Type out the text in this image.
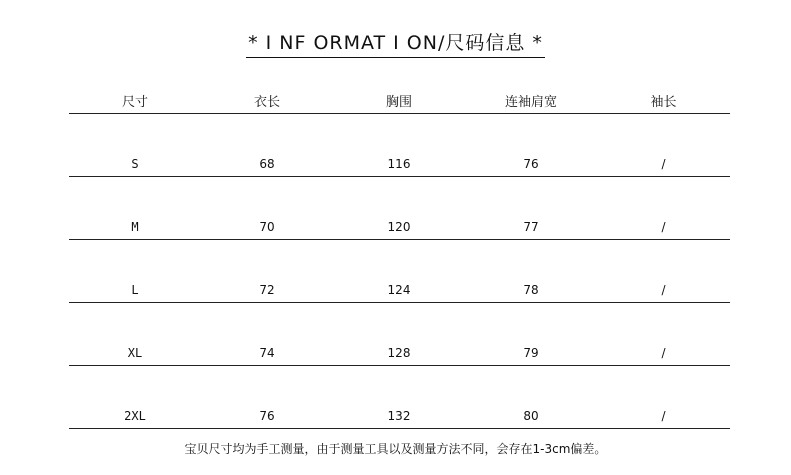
* I NF ORMAT I ON/尺码信息 *
尺寸	衣长	胸围	连袖肩宽	袖长
S	68	116	76	/
M	70	120	77	/
L	72	124	78	/
XL	74	128	79	/
2XL	76	132	80	/
宝贝尺寸均为手工测量，由于测量工具以及测量方法不同，会存在1-3cm偏差。
